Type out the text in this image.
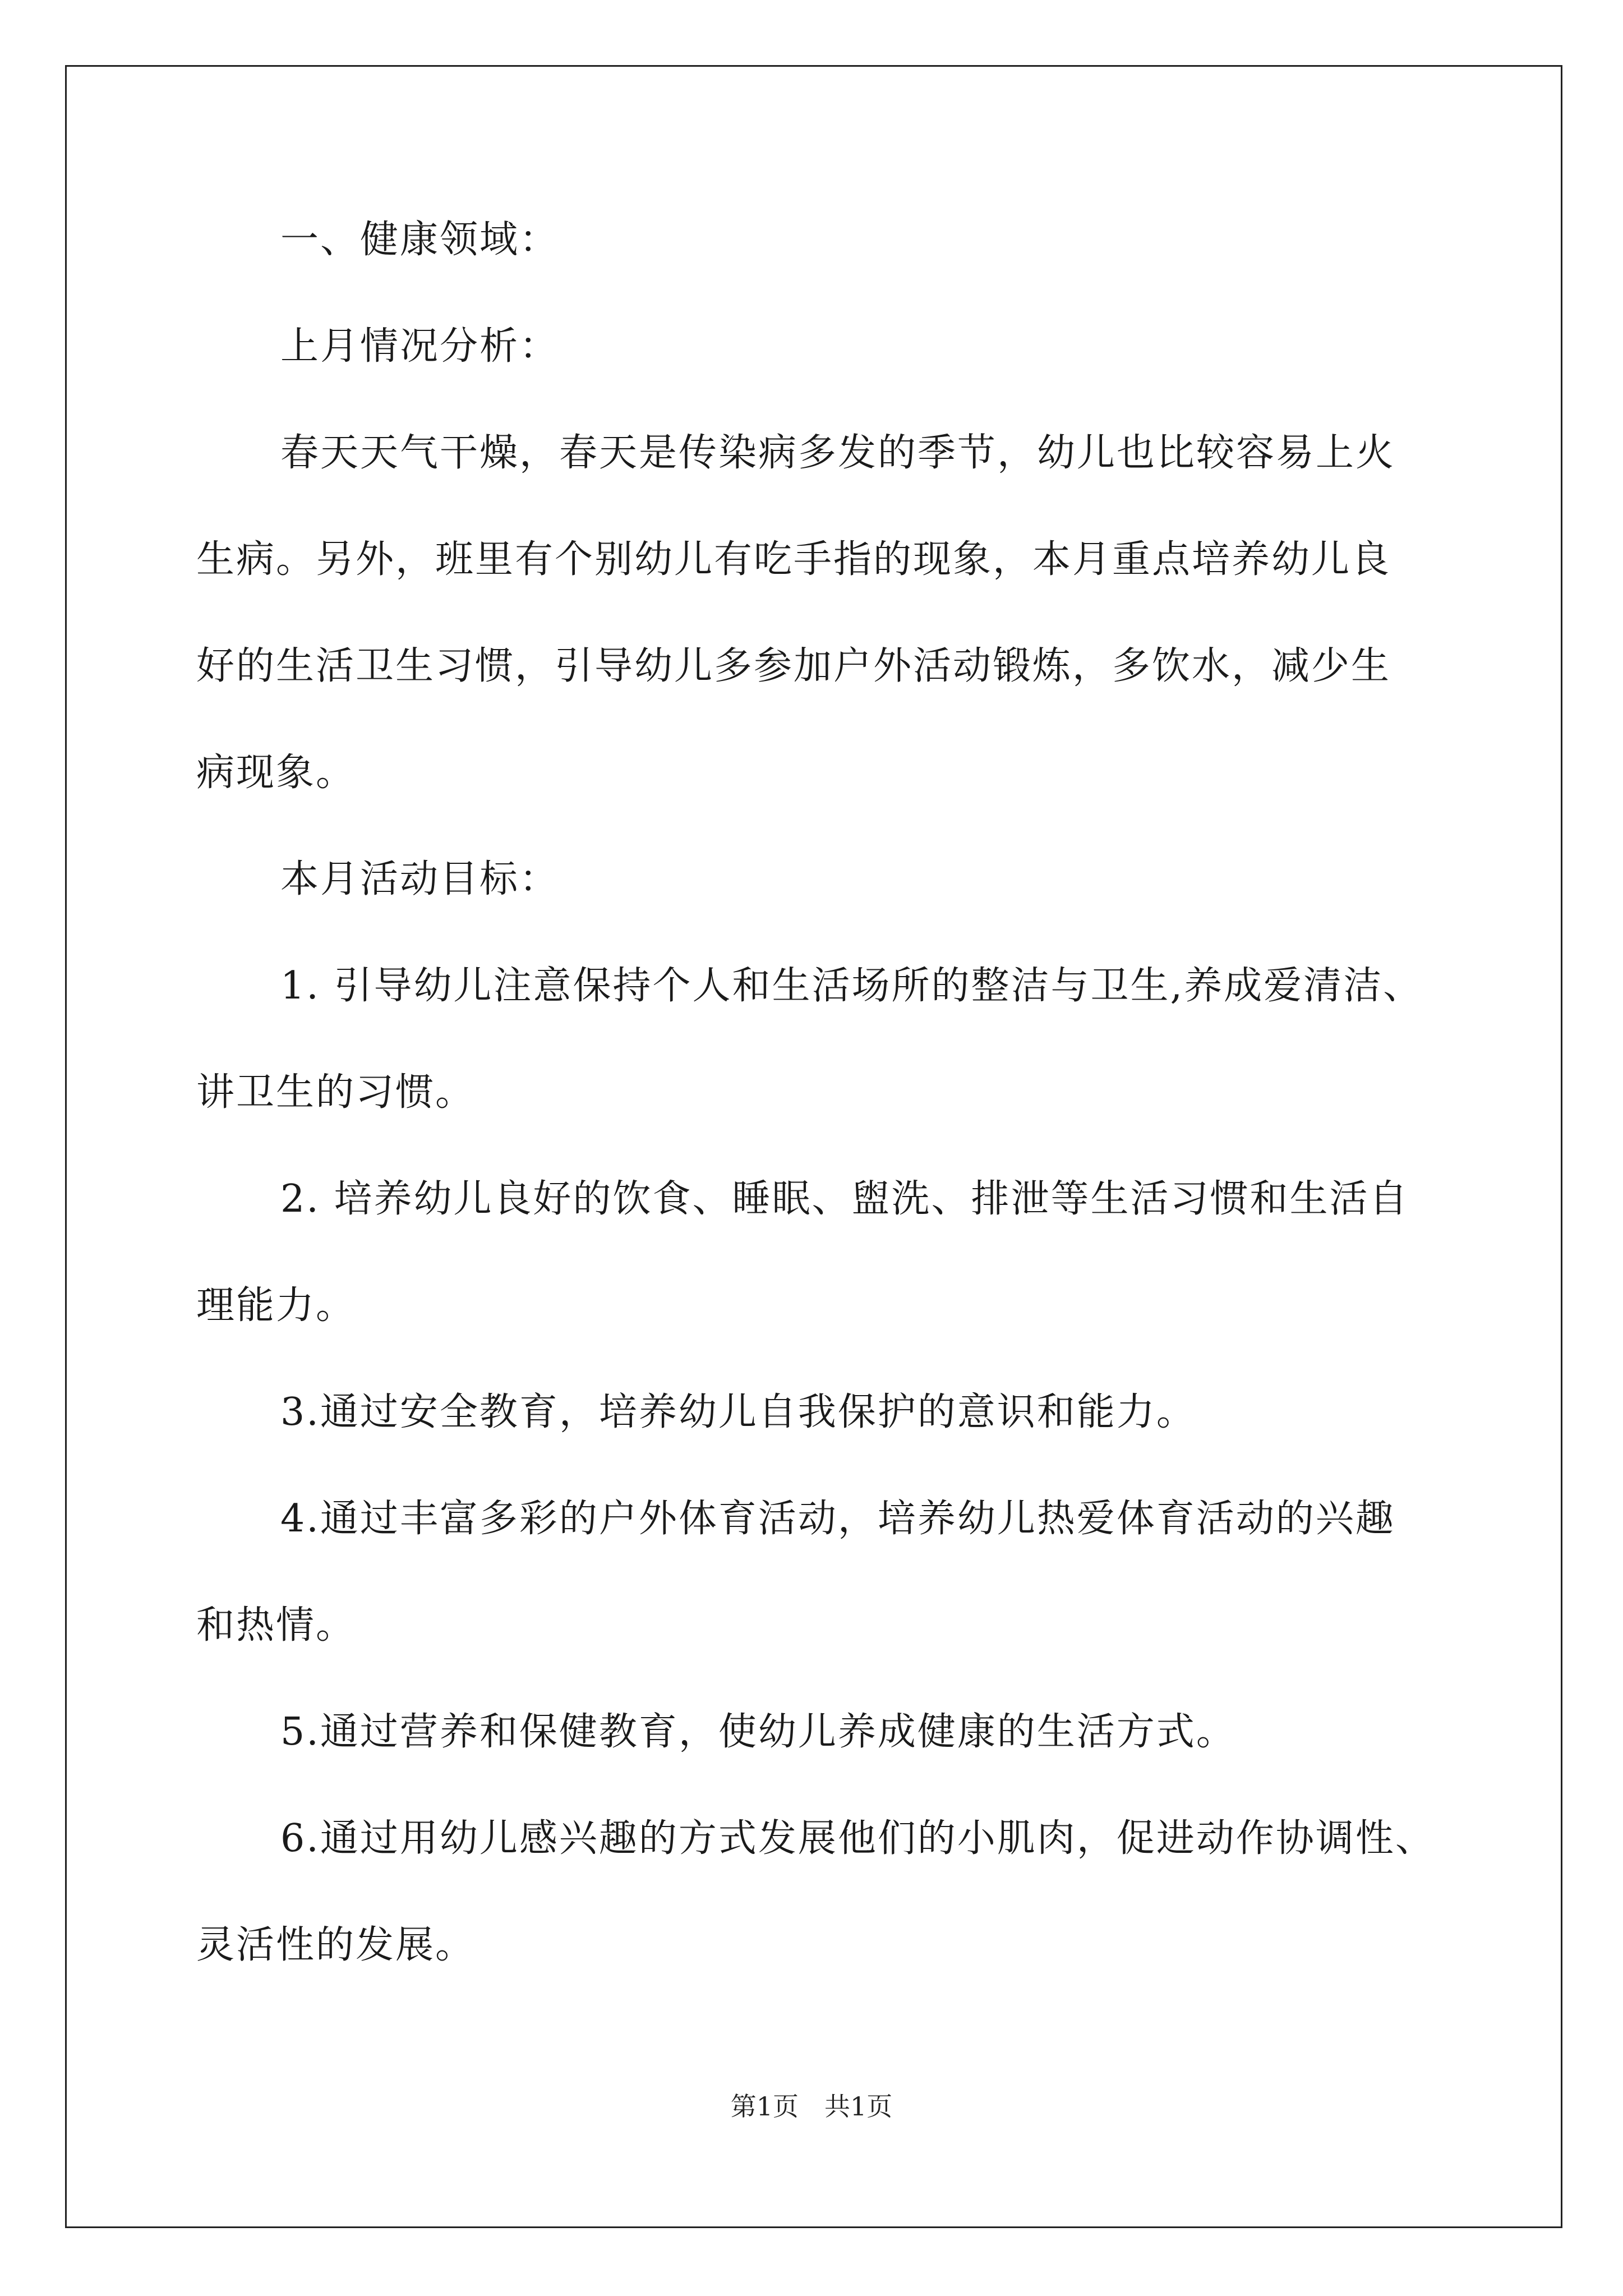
一、健康领域：
上月情况分析：
春天天气干燥，春天是传染病多发的季节，幼儿也比较容易上火
生病。另外，班里有个别幼儿有吃手指的现象，本月重点培养幼儿良
好的生活卫生习惯，引导幼儿多参加户外活动锻炼，多饮水，减少生
病现象。
本月活动目标：
1. 引导幼儿注意保持个人和生活场所的整洁与卫生,养成爱清洁、
讲卫生的习惯。
2. 培养幼儿良好的饮食、睡眠、盥洗、排泄等生活习惯和生活自
理能力。
3.通过安全教育，培养幼儿自我保护的意识和能力。
4.通过丰富多彩的户外体育活动，培养幼儿热爱体育活动的兴趣
和热情。
5.通过营养和保健教育，使幼儿养成健康的生活方式。
6.通过用幼儿感兴趣的方式发展他们的小肌肉，促进动作协调性、
灵活性的发展。
第1页　共1页
